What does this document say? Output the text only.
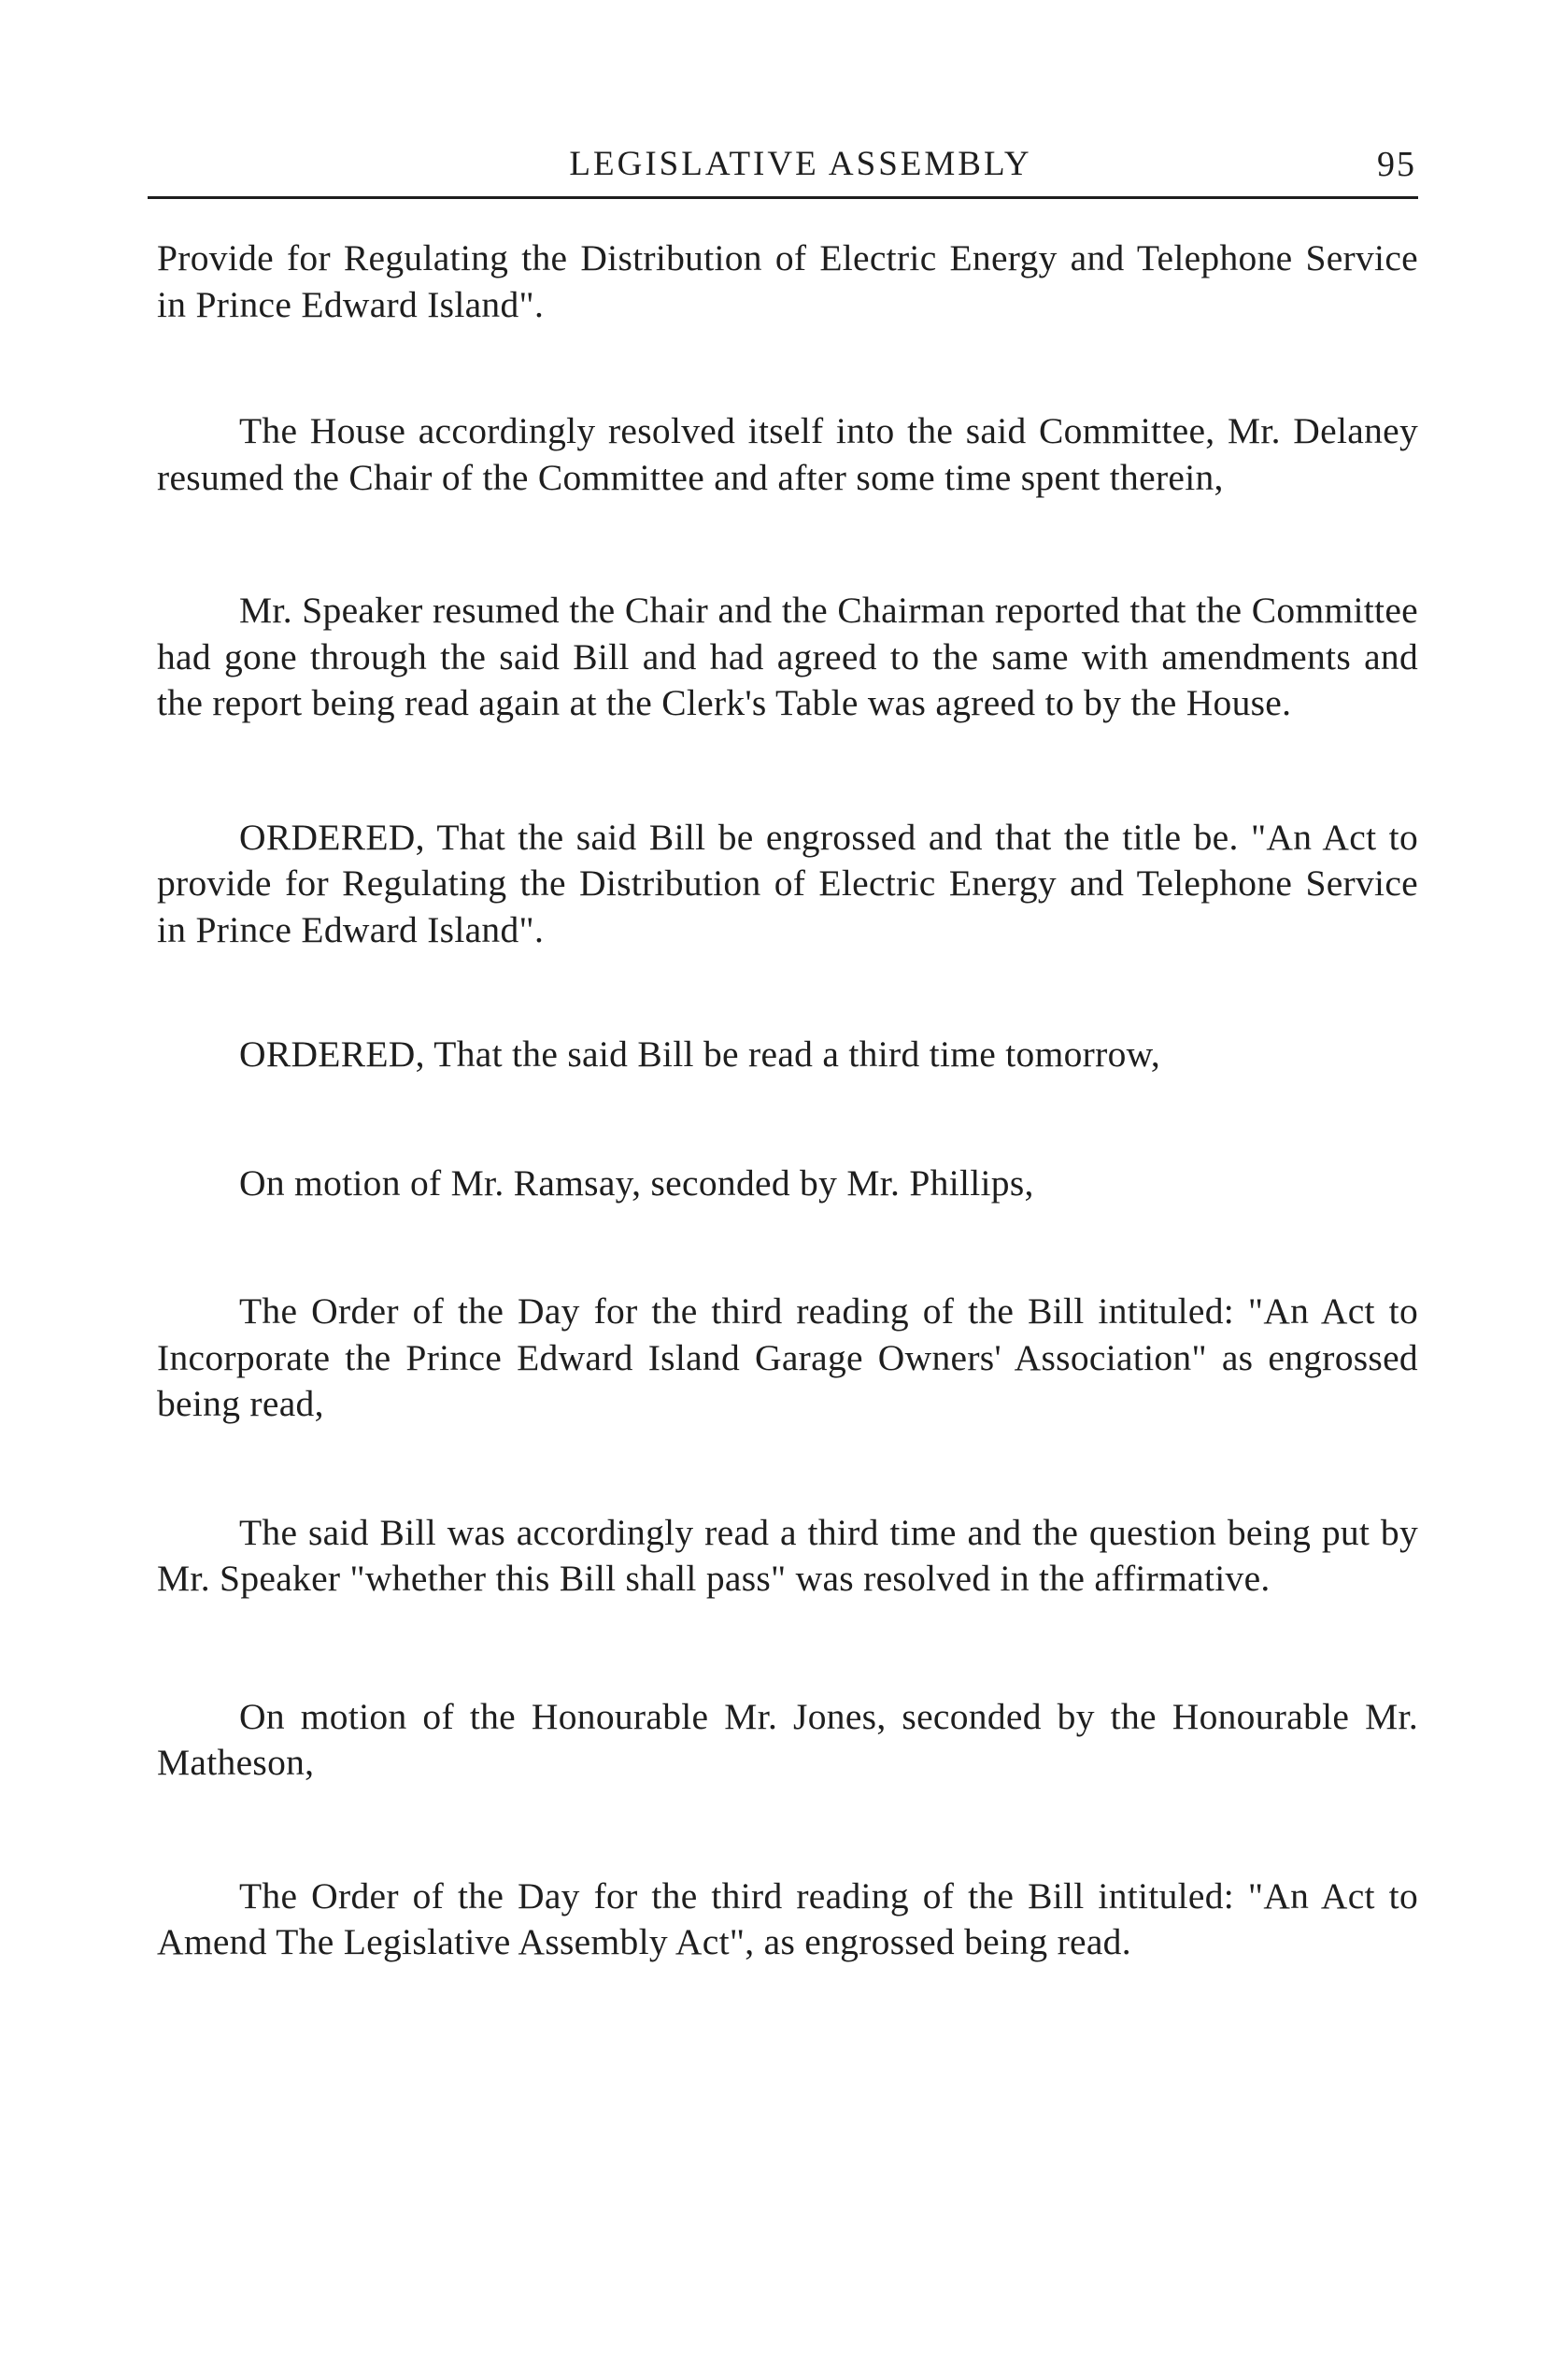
LEGISLATIVE ASSEMBLY	95

Provide for Regulating the Distribution of Electric Energy and Telephone Service in Prince Edward Island".

The House accordingly resolved itself into the said Committee, Mr. Delaney resumed the Chair of the Committee and after some time spent therein,

Mr. Speaker resumed the Chair and the Chairman reported that the Committee had gone through the said Bill and had agreed to the same with amendments and the report being read again at the Clerk's Table was agreed to by the House.

ORDERED, That the said Bill be engrossed and that the title be. "An Act to provide for Regulating the Distribution of Electric Energy and Telephone Service in Prince Edward Island".

ORDERED, That the said Bill be read a third time tomorrow,

On motion of Mr. Ramsay, seconded by Mr. Phillips,

The Order of the Day for the third reading of the Bill intituled: "An Act to Incorporate the Prince Edward Island Garage Owners' Association" as engrossed being read,

The said Bill was accordingly read a third time and the question being put by Mr. Speaker "whether this Bill shall pass" was resolved in the affirmative.

On motion of the Honourable Mr. Jones, seconded by the Honourable Mr. Matheson,

The Order of the Day for the third reading of the Bill intituled: "An Act to Amend The Legislative Assembly Act", as engrossed being read.
